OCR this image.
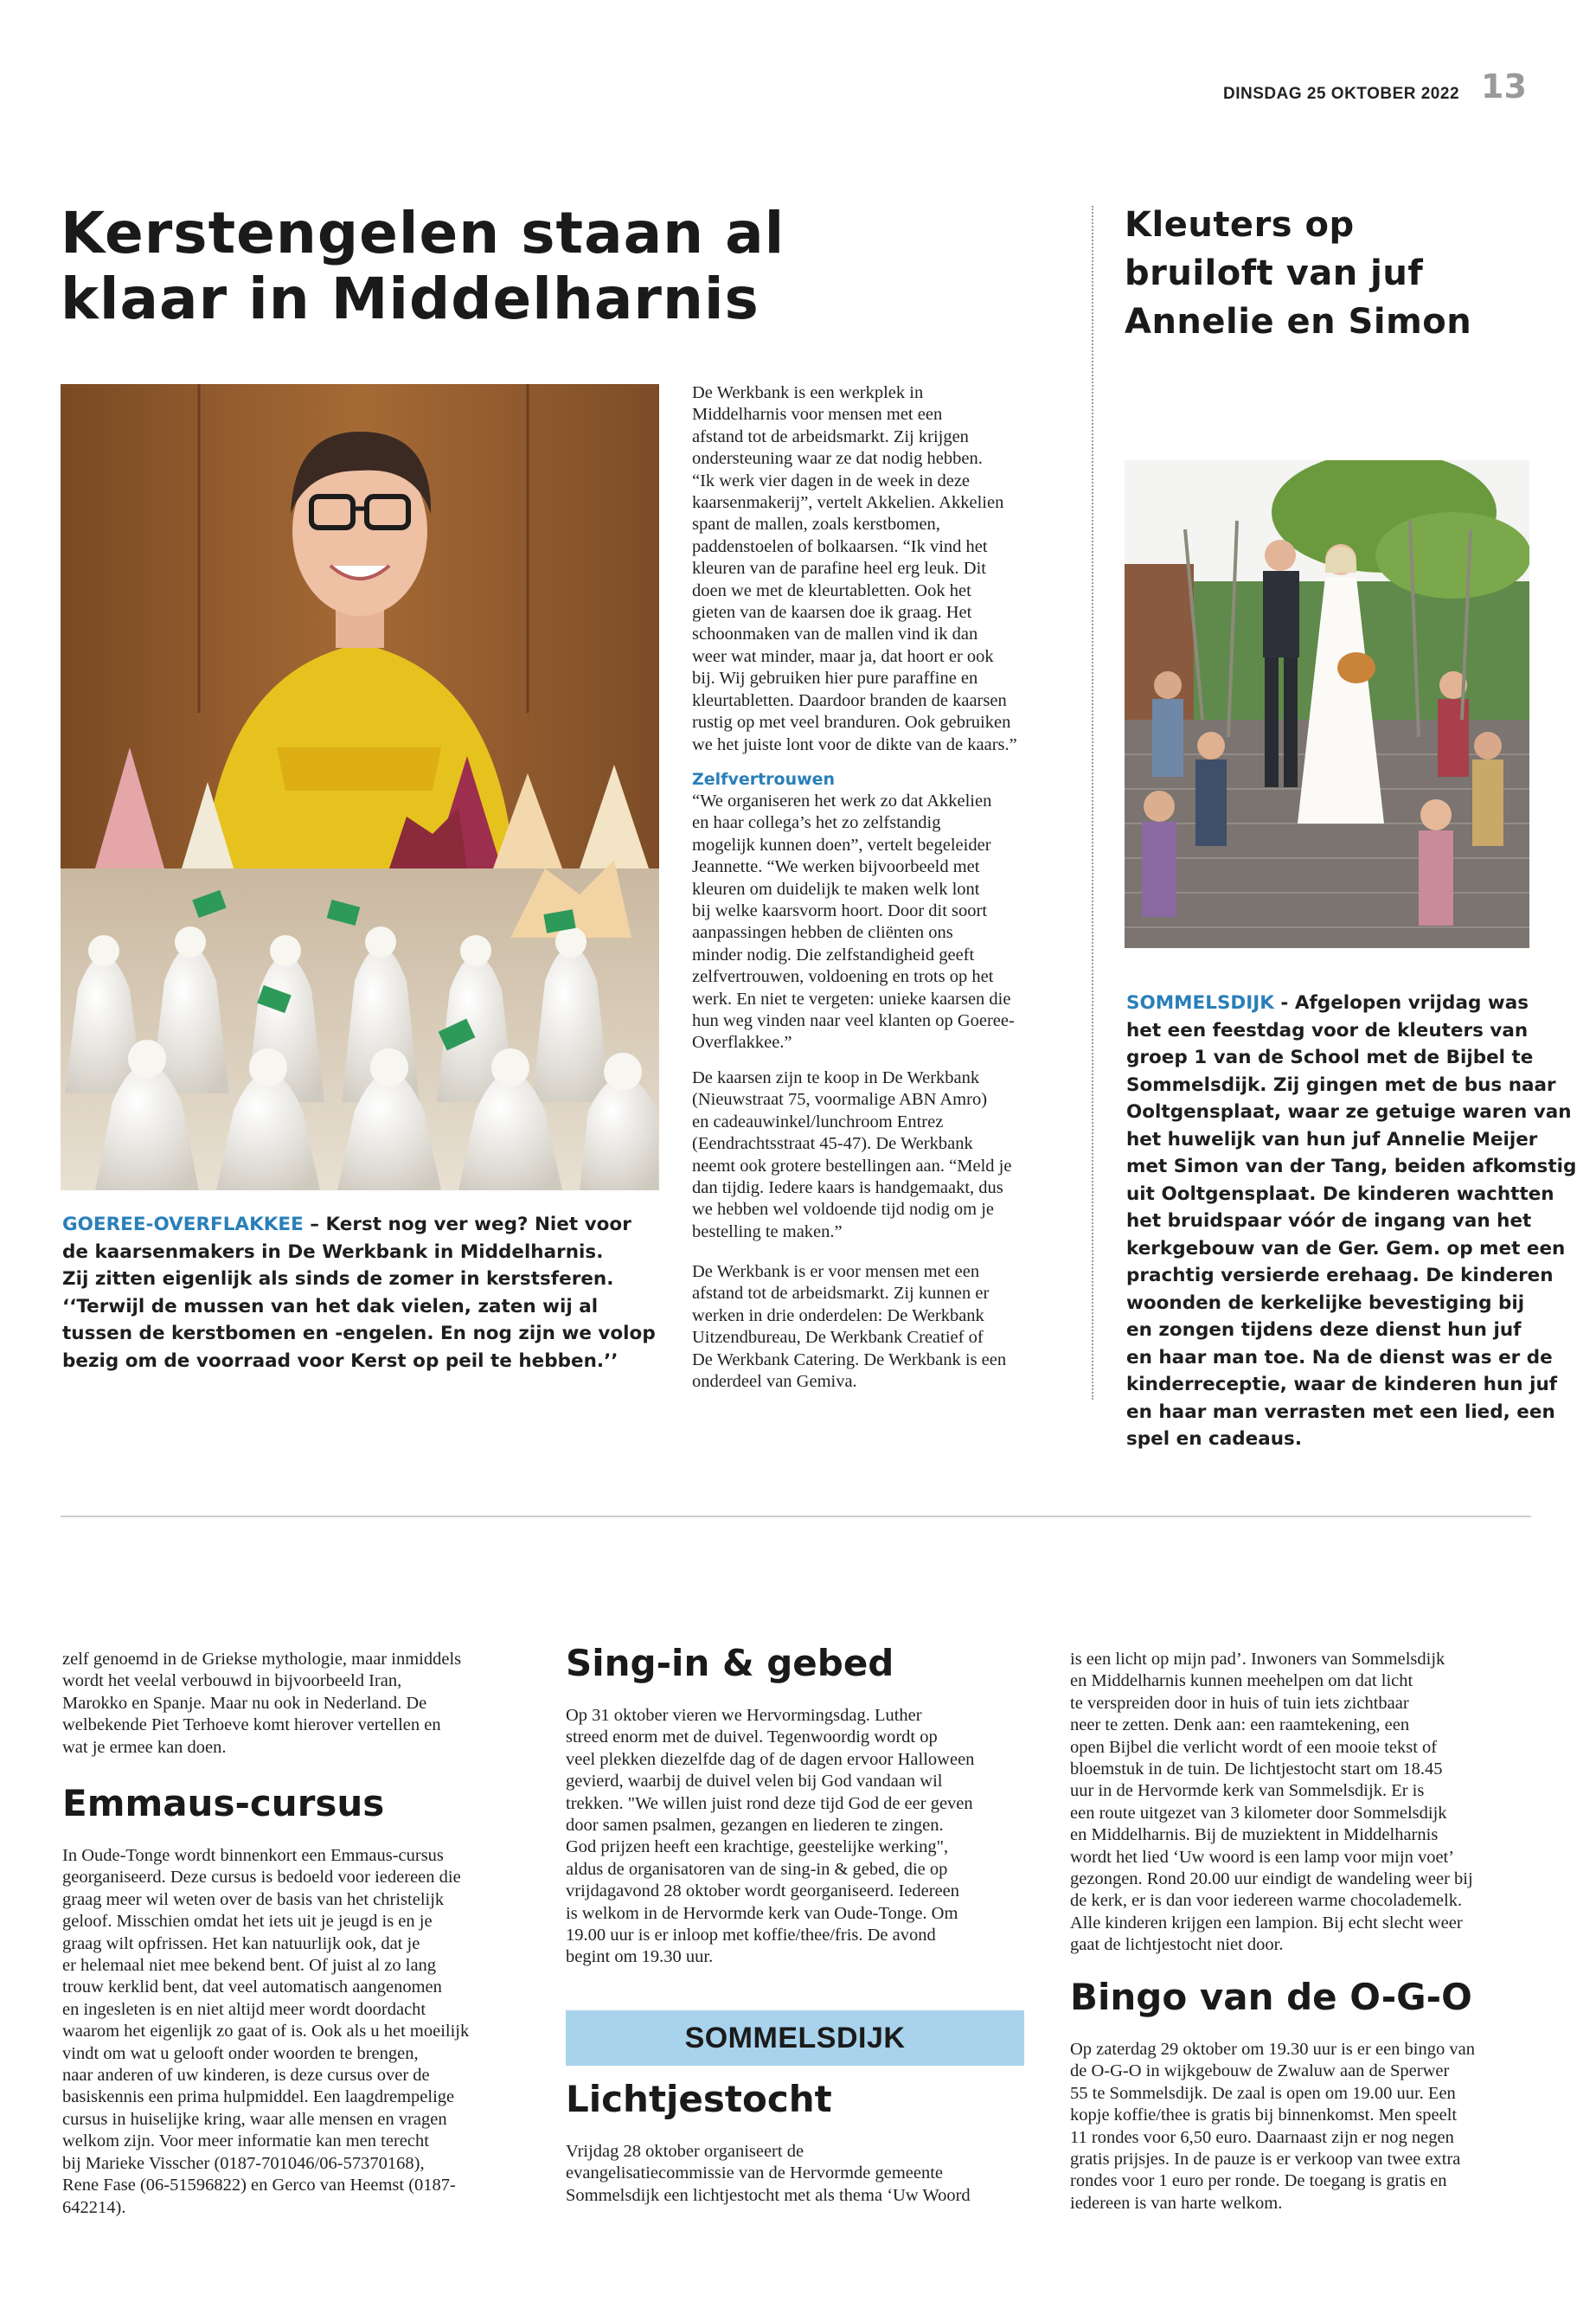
DINSDAG 25 OKTOBER 2022 13
Kerstengelen staan al
klaar in Middelharnis

GOEREE-OVERFLAKKEE – Kerst nog ver weg? Niet voor
de kaarsenmakers in De Werkbank in Middelharnis.
Zij zitten eigenlijk als sinds de zomer in kerstsferen.
‘‘Terwijl de mussen van het dak vielen, zaten wij al
tussen de kerstbomen en -engelen. En nog zijn we volop
bezig om de voorraad voor Kerst op peil te hebben.’’

De Werkbank is een werkplek in
Middelharnis voor mensen met een
afstand tot de arbeidsmarkt. Zij krijgen
ondersteuning waar ze dat nodig hebben.
“Ik werk vier dagen in de week in deze
kaarsenmakerij”, vertelt Akkelien. Akkelien
spant de mallen, zoals kerstbomen,
paddenstoelen of bolkaarsen. “Ik vind het
kleuren van de parafine heel erg leuk. Dit
doen we met de kleurtabletten. Ook het
gieten van de kaarsen doe ik graag. Het
schoonmaken van de mallen vind ik dan
weer wat minder, maar ja, dat hoort er ook
bij. Wij gebruiken hier pure paraffine en
kleurtabletten. Daardoor branden de kaarsen
rustig op met veel branduren. Ook gebruiken
we het juiste lont voor de dikte van de kaars.”

Zelfvertrouwen

“We organiseren het werk zo dat Akkelien
en haar collega’s het zo zelfstandig
mogelijk kunnen doen”, vertelt begeleider
Jeannette. “We werken bijvoorbeeld met
kleuren om duidelijk te maken welk lont
bij welke kaarsvorm hoort. Door dit soort
aanpassingen hebben de cliënten ons
minder nodig. Die zelfstandigheid geeft
zelfvertrouwen, voldoening en trots op het
werk. En niet te vergeten: unieke kaarsen die
hun weg vinden naar veel klanten op Goeree-
Overflakkee.”

De kaarsen zijn te koop in De Werkbank
(Nieuwstraat 75, voormalige ABN Amro)
en cadeauwinkel/lunchroom Entrez
(Eendrachtsstraat 45-47). De Werkbank
neemt ook grotere bestellingen aan. “Meld je
dan tijdig. Iedere kaars is handgemaakt, dus
we hebben wel voldoende tijd nodig om je
bestelling te maken.”

De Werkbank is er voor mensen met een
afstand tot de arbeidsmarkt. Zij kunnen er
werken in drie onderdelen: De Werkbank
Uitzendbureau, De Werkbank Creatief of
De Werkbank Catering. De Werkbank is een
onderdeel van Gemiva.

Kleuters op
bruiloft van juf
Annelie en Simon

SOMMELSDIJK - Afgelopen vrijdag was
het een feestdag voor de kleuters van
groep 1 van de School met de Bijbel te
Sommelsdijk. Zij gingen met de bus naar
Ooltgensplaat, waar ze getuige waren van
het huwelijk van hun juf Annelie Meijer
met Simon van der Tang, beiden afkomstig
uit Ooltgensplaat. De kinderen wachtten
het bruidspaar vóór de ingang van het
kerkgebouw van de Ger. Gem. op met een
prachtig versierde erehaag. De kinderen
woonden de kerkelijke bevestiging bij
en zongen tijdens deze dienst hun juf
en haar man toe. Na de dienst was er de
kinderreceptie, waar de kinderen hun juf
en haar man verrasten met een lied, een
spel en cadeaus.

zelf genoemd in de Griekse mythologie, maar inmiddels
wordt het veelal verbouwd in bijvoorbeeld Iran,
Marokko en Spanje. Maar nu ook in Nederland. De
welbekende Piet Terhoeve komt hierover vertellen en
wat je ermee kan doen.

Emmaus-cursus

In Oude-Tonge wordt binnenkort een Emmaus-cursus
georganiseerd. Deze cursus is bedoeld voor iedereen die
graag meer wil weten over de basis van het christelijk
geloof. Misschien omdat het iets uit je jeugd is en je
graag wilt opfrissen. Het kan natuurlijk ook, dat je
er helemaal niet mee bekend bent. Of juist al zo lang
trouw kerklid bent, dat veel automatisch aangenomen
en ingesleten is en niet altijd meer wordt doordacht
waarom het eigenlijk zo gaat of is. Ook als u het moeilijk
vindt om wat u gelooft onder woorden te brengen,
naar anderen of uw kinderen, is deze cursus over de
basiskennis een prima hulpmiddel. Een laagdrempelige
cursus in huiselijke kring, waar alle mensen en vragen
welkom zijn. Voor meer informatie kan men terecht
bij Marieke Visscher (0187-701046/06-57370168),
Rene Fase (06-51596822) en Gerco van Heemst (0187-
642214).

Sing-in & gebed

Op 31 oktober vieren we Hervormingsdag. Luther
streed enorm met de duivel. Tegenwoordig wordt op
veel plekken diezelfde dag of de dagen ervoor Halloween
gevierd, waarbij de duivel velen bij God vandaan wil
trekken. "We willen juist rond deze tijd God de eer geven
door samen psalmen, gezangen en liederen te zingen.
God prijzen heeft een krachtige, geestelijke werking",
aldus de organisatoren van de sing-in & gebed, die op
vrijdagavond 28 oktober wordt georganiseerd. Iedereen
is welkom in de Hervormde kerk van Oude-Tonge. Om
19.00 uur is er inloop met koffie/thee/fris. De avond
begint om 19.30 uur.

SOMMELSDIJK
Lichtjestocht

Vrijdag 28 oktober organiseert de
evangelisatiecommissie van de Hervormde gemeente
Sommelsdijk een lichtjestocht met als thema ‘Uw Woord

is een licht op mijn pad’. Inwoners van Sommelsdijk
en Middelharnis kunnen meehelpen om dat licht
te verspreiden door in huis of tuin iets zichtbaar
neer te zetten. Denk aan: een raamtekening, een
open Bijbel die verlicht wordt of een mooie tekst of
bloemstuk in de tuin. De lichtjestocht start om 18.45
uur in de Hervormde kerk van Sommelsdijk. Er is
een route uitgezet van 3 kilometer door Sommelsdijk
en Middelharnis. Bij de muziektent in Middelharnis
wordt het lied ‘Uw woord is een lamp voor mijn voet’
gezongen. Rond 20.00 uur eindigt de wandeling weer bij
de kerk, er is dan voor iedereen warme chocolademelk.
Alle kinderen krijgen een lampion. Bij echt slecht weer
gaat de lichtjestocht niet door.

Bingo van de O-G-O

Op zaterdag 29 oktober om 19.30 uur is er een bingo van
de O-G-O in wijkgebouw de Zwaluw aan de Sperwer
55 te Sommelsdijk. De zaal is open om 19.00 uur. Een
kopje koffie/thee is gratis bij binnenkomst. Men speelt
11 rondes voor 6,50 euro. Daarnaast zijn er nog negen
gratis prijsjes. In de pauze is er verkoop van twee extra
rondes voor 1 euro per ronde. De toegang is gratis en
iedereen is van harte welkom.
